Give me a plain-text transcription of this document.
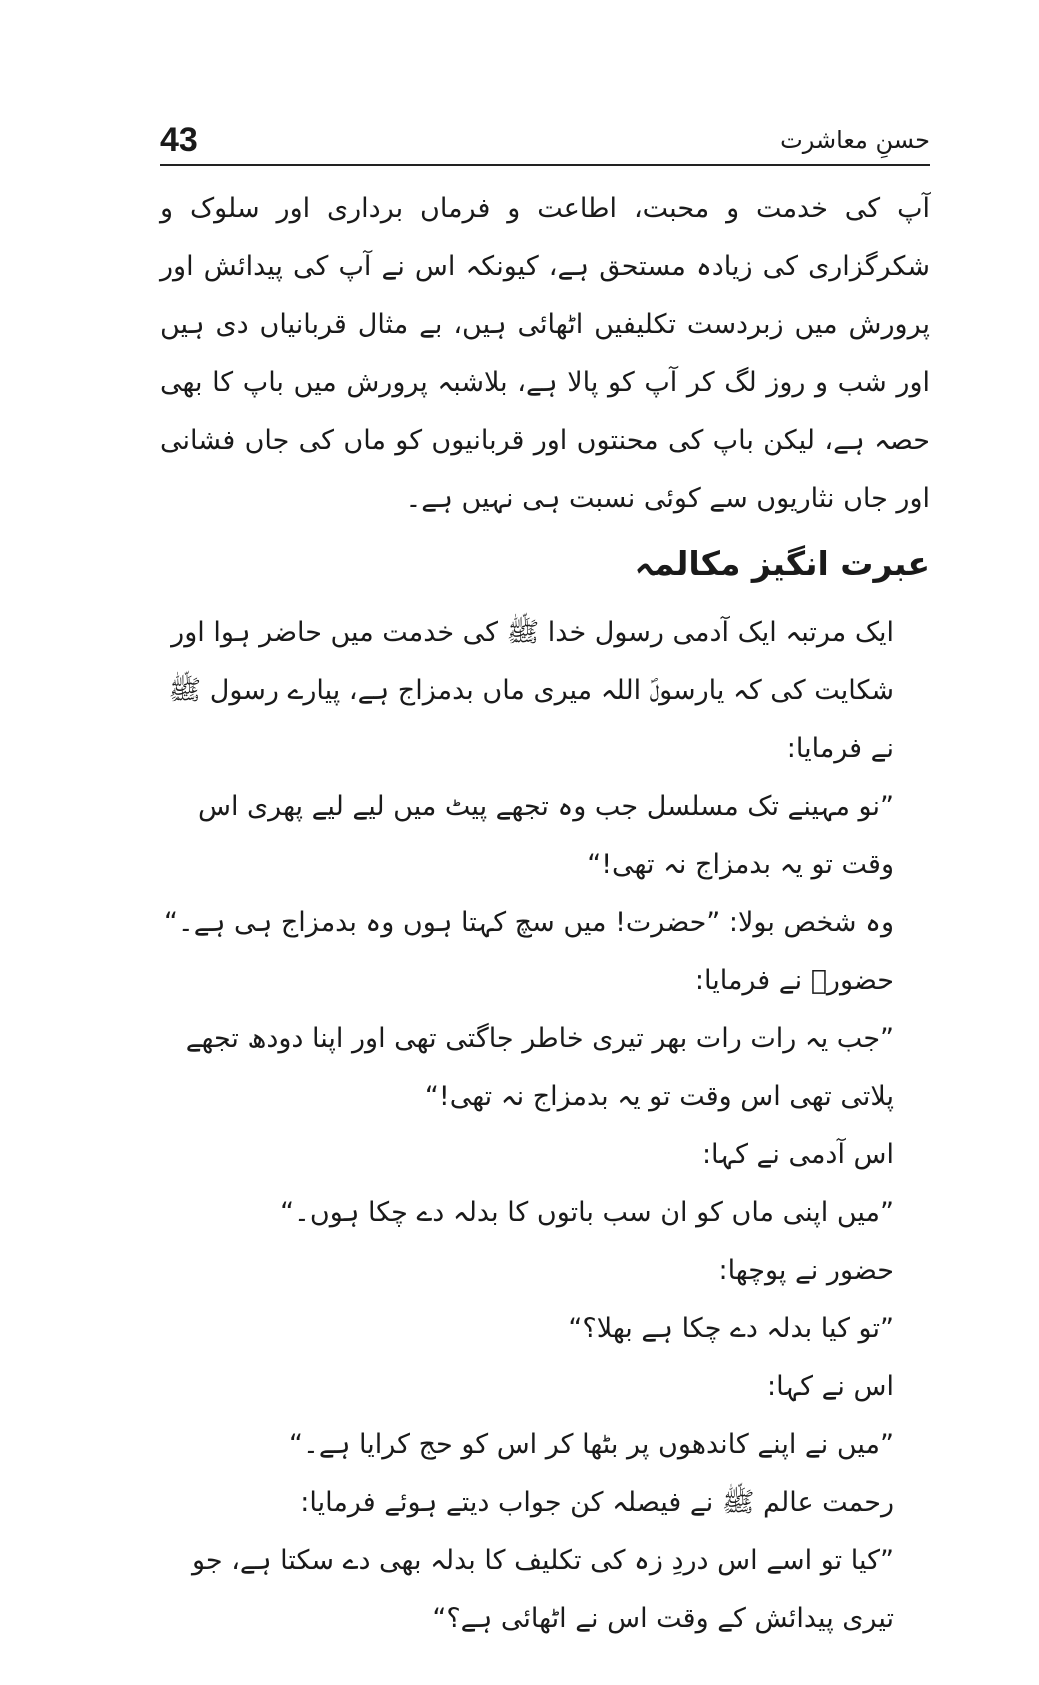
43	حسنِ معاشرت

آپ کی خدمت و محبت، اطاعت و فرماں برداری اور سلوک و شکرگزاری کی زیادہ مستحق ہے، کیونکہ اس نے آپ کی پیدائش اور پرورش میں زبردست تکلیفیں اٹھائی ہیں، بے مثال قربانیاں دی ہیں اور شب و روز لگ کر آپ کو پالا ہے، بلاشبہ پرورش میں باپ کا بھی حصہ ہے، لیکن باپ کی محنتوں اور قربانیوں کو ماں کی جاں فشانی اور جاں نثاریوں سے کوئی نسبت ہی نہیں ہے۔

عبرت انگیز مکالمہ

ایک مرتبہ ایک آدمی رسول خدا ﷺ کی خدمت میں حاضر ہوا اور شکایت کی کہ یارسولؐ اللہ میری ماں بدمزاج ہے، پیارے رسول ﷺ نے فرمایا:

”نو مہینے تک مسلسل جب وہ تجھے پیٹ میں لیے لیے پھری اس وقت تو یہ بدمزاج نہ تھی!“

وہ شخص بولا: ”حضرت! میں سچ کہتا ہوں وہ بدمزاج ہی ہے۔“

حضورؐ نے فرمایا:

”جب یہ رات رات بھر تیری خاطر جاگتی تھی اور اپنا دودھ تجھے پلاتی تھی اس وقت تو یہ بدمزاج نہ تھی!“

اس آدمی نے کہا:

”میں اپنی ماں کو ان سب باتوں کا بدلہ دے چکا ہوں۔“

حضور نے پوچھا:

”تو کیا بدلہ دے چکا ہے بھلا؟“

اس نے کہا:

”میں نے اپنے کاندھوں پر بٹھا کر اس کو حج کرایا ہے۔“

رحمت عالم ﷺ نے فیصلہ کن جواب دیتے ہوئے فرمایا:

”کیا تو اسے اس دردِ زہ کی تکلیف کا بدلہ بھی دے سکتا ہے، جو تیری پیدائش کے وقت اس نے اٹھائی ہے؟“
